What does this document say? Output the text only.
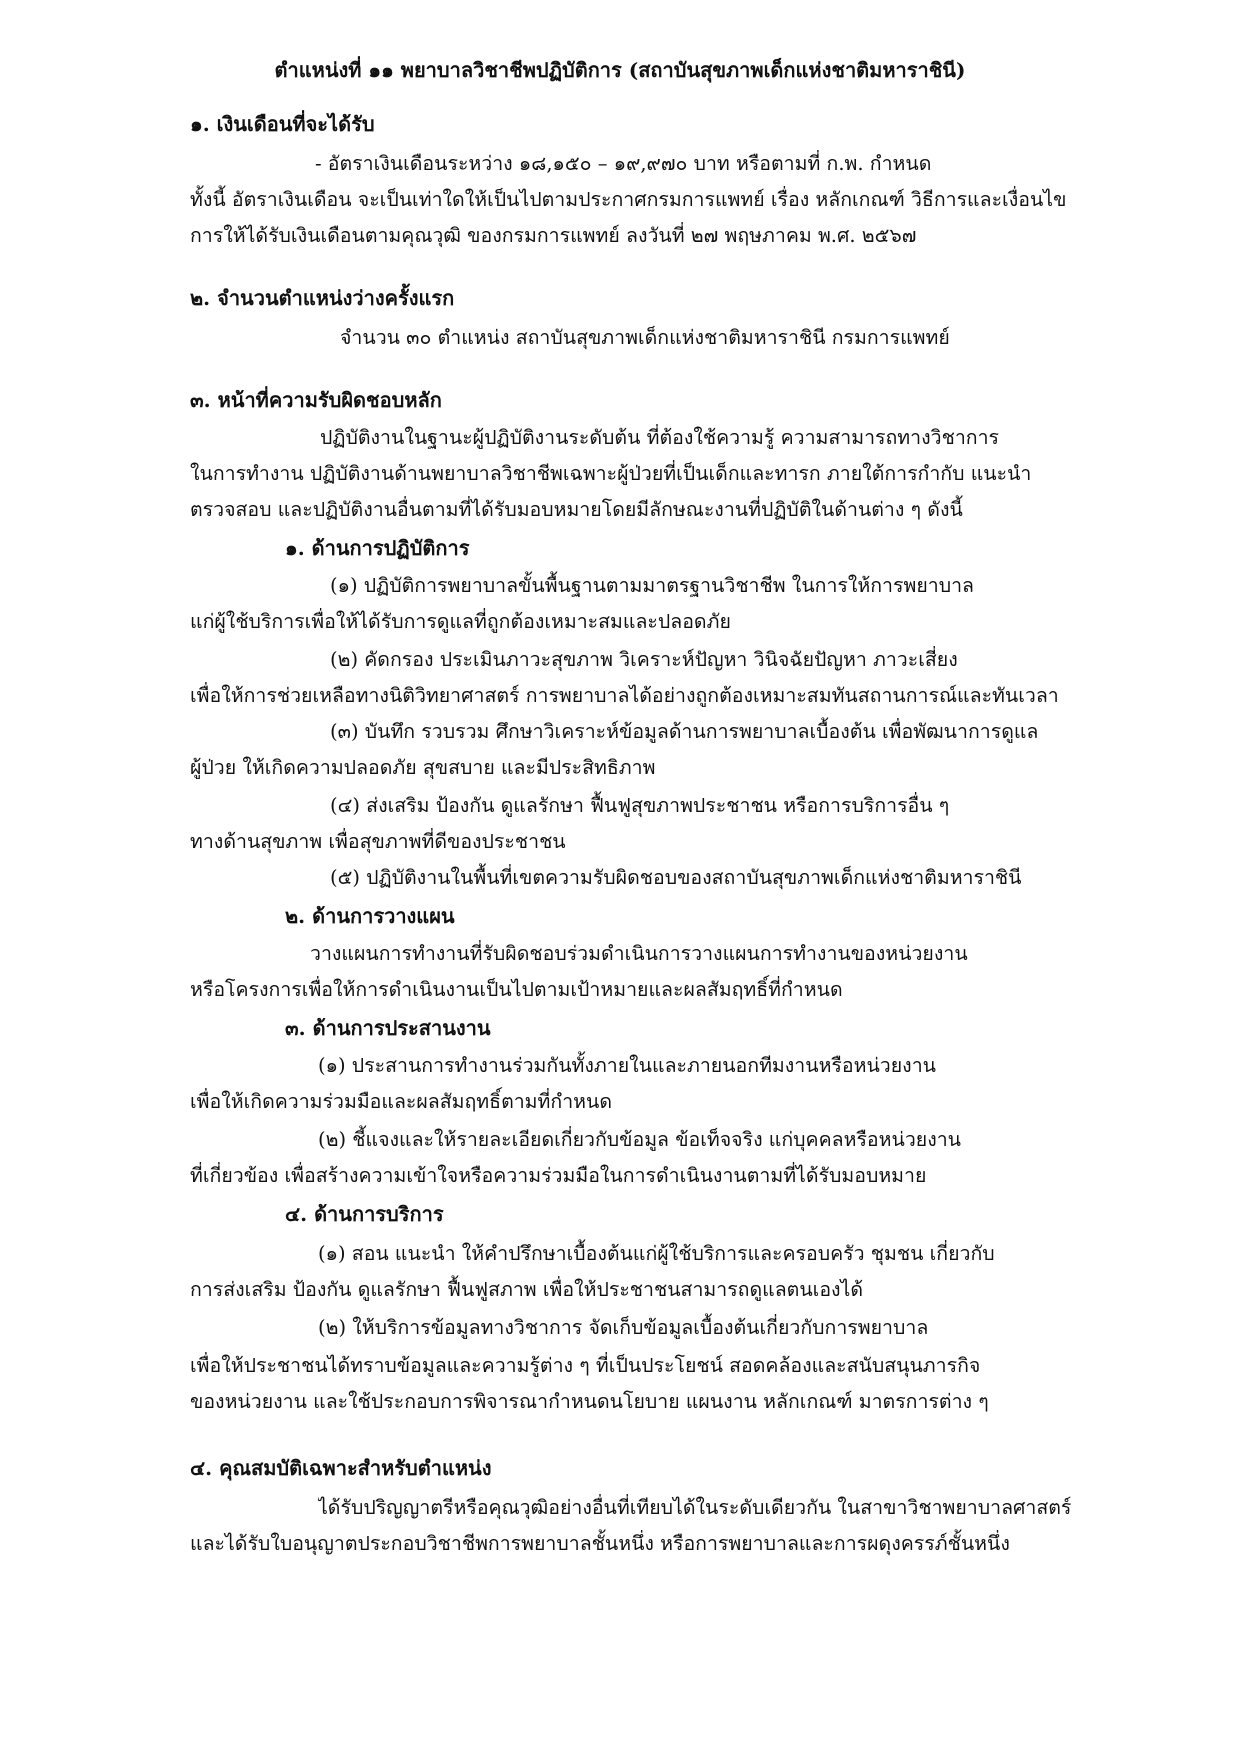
ตำแหน่งที่ ๑๑ พยาบาลวิชาชีพปฏิบัติการ (สถาบันสุขภาพเด็กแห่งชาติมหาราชินี)
๑. เงินเดือนที่จะได้รับ
- อัตราเงินเดือนระหว่าง ๑๘,๑๕๐ – ๑๙,๙๗๐ บาท หรือตามที่ ก.พ. กำหนด
ทั้งนี้ อัตราเงินเดือน จะเป็นเท่าใดให้เป็นไปตามประกาศกรมการแพทย์ เรื่อง หลักเกณฑ์ วิธีการและเงื่อนไข
การให้ได้รับเงินเดือนตามคุณวุฒิ ของกรมการแพทย์ ลงวันที่ ๒๗ พฤษภาคม พ.ศ. ๒๕๖๗
๒. จำนวนตำแหน่งว่างครั้งแรก
จำนวน ๓๐ ตำแหน่ง สถาบันสุขภาพเด็กแห่งชาติมหาราชินี กรมการแพทย์
๓. หน้าที่ความรับผิดชอบหลัก
ปฏิบัติงานในฐานะผู้ปฏิบัติงานระดับต้น ที่ต้องใช้ความรู้ ความสามารถทางวิชาการ
ในการทำงาน ปฏิบัติงานด้านพยาบาลวิชาชีพเฉพาะผู้ป่วยที่เป็นเด็กและทารก ภายใต้การกำกับ แนะนำ
ตรวจสอบ และปฏิบัติงานอื่นตามที่ได้รับมอบหมายโดยมีลักษณะงานที่ปฏิบัติในด้านต่าง ๆ ดังนี้
๑. ด้านการปฏิบัติการ
(๑) ปฏิบัติการพยาบาลขั้นพื้นฐานตามมาตรฐานวิชาชีพ ในการให้การพยาบาล
แก่ผู้ใช้บริการเพื่อให้ได้รับการดูแลที่ถูกต้องเหมาะสมและปลอดภัย
(๒) คัดกรอง ประเมินภาวะสุขภาพ วิเคราะห์ปัญหา วินิจฉัยปัญหา ภาวะเสี่ยง
เพื่อให้การช่วยเหลือทางนิติวิทยาศาสตร์ การพยาบาลได้อย่างถูกต้องเหมาะสมทันสถานการณ์และทันเวลา
(๓) บันทึก รวบรวม ศึกษาวิเคราะห์ข้อมูลด้านการพยาบาลเบื้องต้น เพื่อพัฒนาการดูแล
ผู้ป่วย ให้เกิดความปลอดภัย สุขสบาย และมีประสิทธิภาพ
(๔) ส่งเสริม ป้องกัน ดูแลรักษา ฟื้นฟูสุขภาพประชาชน หรือการบริการอื่น ๆ
ทางด้านสุขภาพ เพื่อสุขภาพที่ดีของประชาชน
(๕) ปฏิบัติงานในพื้นที่เขตความรับผิดชอบของสถาบันสุขภาพเด็กแห่งชาติมหาราชินี
๒. ด้านการวางแผน
วางแผนการทำงานที่รับผิดชอบร่วมดำเนินการวางแผนการทำงานของหน่วยงาน
หรือโครงการเพื่อให้การดำเนินงานเป็นไปตามเป้าหมายและผลสัมฤทธิ์ที่กำหนด
๓. ด้านการประสานงาน
(๑) ประสานการทำงานร่วมกันทั้งภายในและภายนอกทีมงานหรือหน่วยงาน
เพื่อให้เกิดความร่วมมือและผลสัมฤทธิ์ตามที่กำหนด
(๒) ชี้แจงและให้รายละเอียดเกี่ยวกับข้อมูล ข้อเท็จจริง แก่บุคคลหรือหน่วยงาน
ที่เกี่ยวข้อง เพื่อสร้างความเข้าใจหรือความร่วมมือในการดำเนินงานตามที่ได้รับมอบหมาย
๔. ด้านการบริการ
(๑) สอน แนะนำ ให้คำปรึกษาเบื้องต้นแก่ผู้ใช้บริการและครอบครัว ชุมชน เกี่ยวกับ
การส่งเสริม ป้องกัน ดูแลรักษา ฟื้นฟูสภาพ เพื่อให้ประชาชนสามารถดูแลตนเองได้
(๒) ให้บริการข้อมูลทางวิชาการ จัดเก็บข้อมูลเบื้องต้นเกี่ยวกับการพยาบาล
เพื่อให้ประชาชนได้ทราบข้อมูลและความรู้ต่าง ๆ ที่เป็นประโยชน์ สอดคล้องและสนับสนุนภารกิจ
ของหน่วยงาน และใช้ประกอบการพิจารณากำหนดนโยบาย แผนงาน หลักเกณฑ์ มาตรการต่าง ๆ
๔. คุณสมบัติเฉพาะสำหรับตำแหน่ง
ได้รับปริญญาตรีหรือคุณวุฒิอย่างอื่นที่เทียบได้ในระดับเดียวกัน ในสาขาวิชาพยาบาลศาสตร์
และได้รับใบอนุญาตประกอบวิชาชีพการพยาบาลชั้นหนึ่ง หรือการพยาบาลและการผดุงครรภ์ชั้นหนึ่ง
